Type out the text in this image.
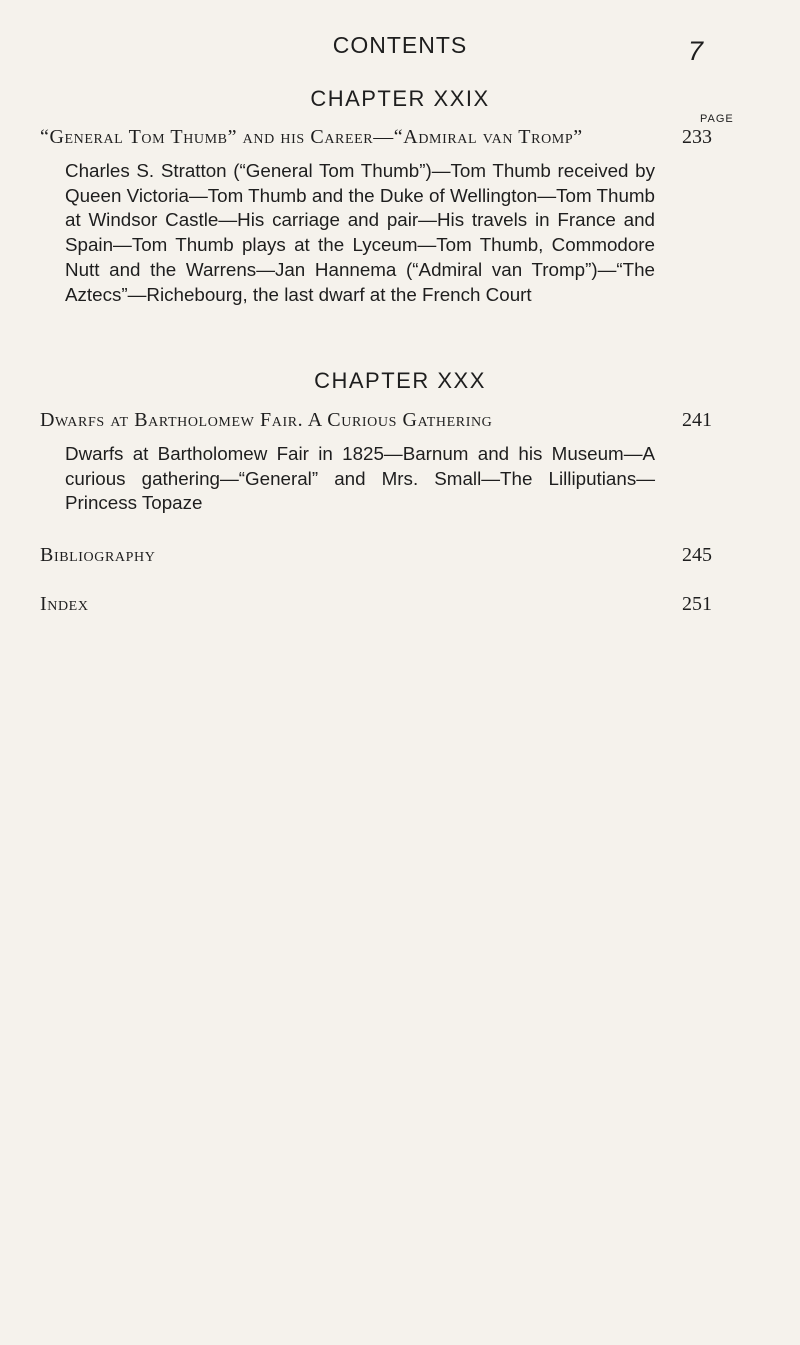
CONTENTS	7
CHAPTER XXIX
PAGE
“General Tom Thumb” and his Career—“Admiral van Tromp”	233

Charles S. Stratton (“General Tom Thumb”)—Tom Thumb received by Queen Victoria—Tom Thumb and the Duke of Wellington—Tom Thumb at Windsor Castle—His carriage and pair—His travels in France and Spain—Tom Thumb plays at the Lyceum—Tom Thumb, Commodore Nutt and the Warrens—Jan Hannema (“Admiral van Tromp”)—“The Aztecs”—Richebourg, the last dwarf at the French Court

CHAPTER XXX
Dwarfs at Bartholomew Fair. A Curious Gathering	241

Dwarfs at Bartholomew Fair in 1825—Barnum and his Museum—A curious gathering—“General” and Mrs. Small—The Lilliputians—Princess Topaze

Bibliography	245
Index	251
